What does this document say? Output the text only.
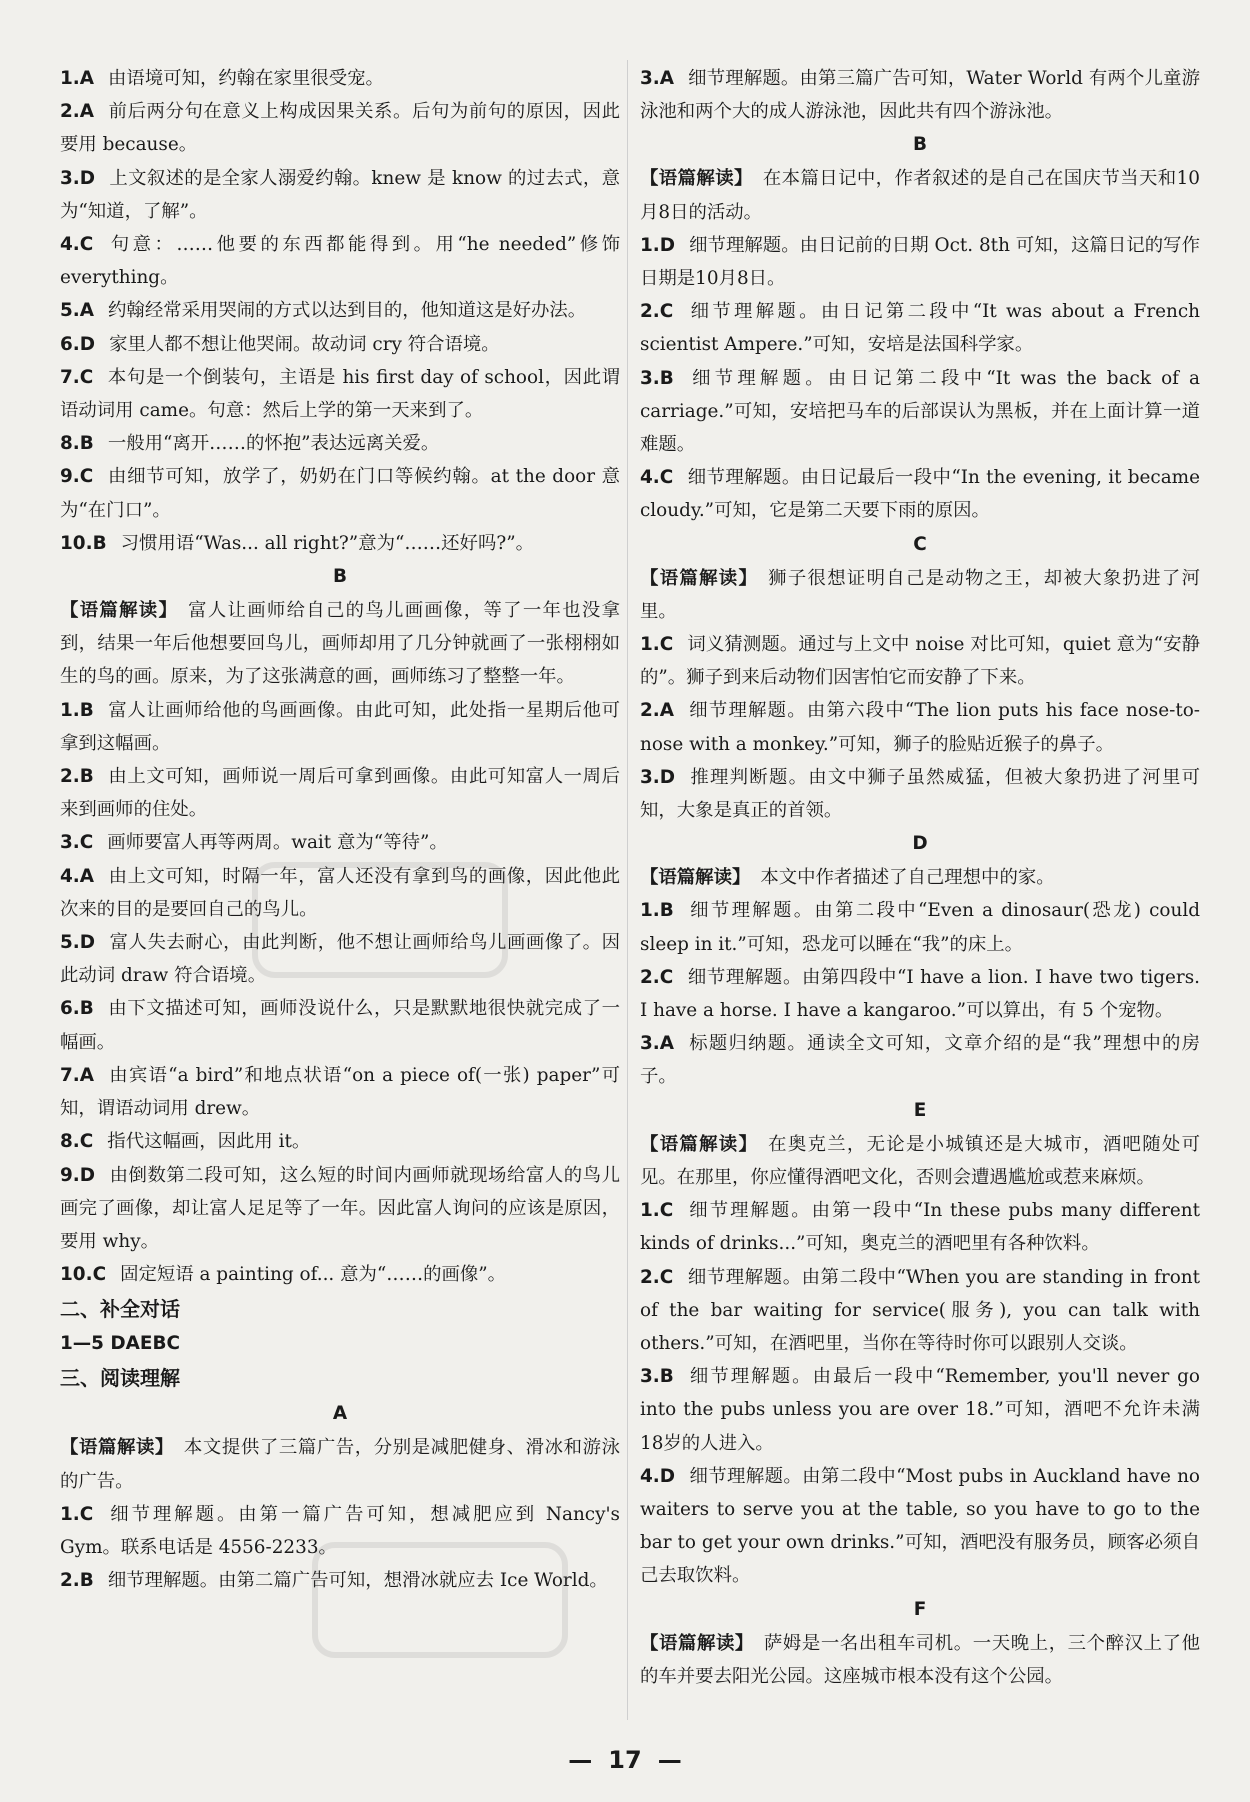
1.A 由语境可知，约翰在家里很受宠。
2.A 前后两分句在意义上构成因果关系。后句为前句的原因，因此要用 because。
3.D 上文叙述的是全家人溺爱约翰。knew 是 know 的过去式，意为“知道，了解”。
4.C 句意：……他要的东西都能得到。用“he needed”修饰 everything。
5.A 约翰经常采用哭闹的方式以达到目的，他知道这是好办法。
6.D 家里人都不想让他哭闹。故动词 cry 符合语境。
7.C 本句是一个倒装句，主语是 his first day of school，因此谓语动词用 came。句意：然后上学的第一天来到了。
8.B 一般用“离开……的怀抱”表达远离关爱。
9.C 由细节可知，放学了，奶奶在门口等候约翰。at the door 意为“在门口”。
10.B 习惯用语“Was... all right?”意为“……还好吗?”。
B
【语篇解读】 富人让画师给自己的鸟儿画画像，等了一年也没拿到，结果一年后他想要回鸟儿，画师却用了几分钟就画了一张栩栩如生的鸟的画。原来，为了这张满意的画，画师练习了整整一年。
1.B 富人让画师给他的鸟画画像。由此可知，此处指一星期后他可拿到这幅画。
2.B 由上文可知，画师说一周后可拿到画像。由此可知富人一周后来到画师的住处。
3.C 画师要富人再等两周。wait 意为“等待”。
4.A 由上文可知，时隔一年，富人还没有拿到鸟的画像，因此他此次来的目的是要回自己的鸟儿。
5.D 富人失去耐心，由此判断，他不想让画师给鸟儿画画像了。因此动词 draw 符合语境。
6.B 由下文描述可知，画师没说什么，只是默默地很快就完成了一幅画。
7.A 由宾语“a bird”和地点状语“on a piece of(一张) paper”可知，谓语动词用 drew。
8.C 指代这幅画，因此用 it。
9.D 由倒数第二段可知，这么短的时间内画师就现场给富人的鸟儿画完了画像，却让富人足足等了一年。因此富人询问的应该是原因，要用 why。
10.C 固定短语 a painting of... 意为“……的画像”。
二、补全对话
1—5 DAEBC
三、阅读理解
A
【语篇解读】 本文提供了三篇广告，分别是减肥健身、滑冰和游泳的广告。
1.C 细节理解题。由第一篇广告可知，想减肥应到 Nancy's Gym。联系电话是 4556-2233。
2.B 细节理解题。由第二篇广告可知，想滑冰就应去 Ice World。
3.A 细节理解题。由第三篇广告可知，Water World 有两个儿童游泳池和两个大的成人游泳池，因此共有四个游泳池。
B
【语篇解读】 在本篇日记中，作者叙述的是自己在国庆节当天和10月8日的活动。
1.D 细节理解题。由日记前的日期 Oct. 8th 可知，这篇日记的写作日期是10月8日。
2.C 细节理解题。由日记第二段中“It was about a French scientist Ampere.”可知，安培是法国科学家。
3.B 细节理解题。由日记第二段中“It was the back of a carriage.”可知，安培把马车的后部误认为黑板，并在上面计算一道难题。
4.C 细节理解题。由日记最后一段中“In the evening, it became cloudy.”可知，它是第二天要下雨的原因。
C
【语篇解读】 狮子很想证明自己是动物之王，却被大象扔进了河里。
1.C 词义猜测题。通过与上文中 noise 对比可知，quiet 意为“安静的”。狮子到来后动物们因害怕它而安静了下来。
2.A 细节理解题。由第六段中“The lion puts his face nose-to-nose with a monkey.”可知，狮子的脸贴近猴子的鼻子。
3.D 推理判断题。由文中狮子虽然威猛，但被大象扔进了河里可知，大象是真正的首领。
D
【语篇解读】 本文中作者描述了自己理想中的家。
1.B 细节理解题。由第二段中“Even a dinosaur(恐龙) could sleep in it.”可知，恐龙可以睡在“我”的床上。
2.C 细节理解题。由第四段中“I have a lion. I have two tigers. I have a horse. I have a kangaroo.”可以算出，有 5 个宠物。
3.A 标题归纳题。通读全文可知，文章介绍的是“我”理想中的房子。
E
【语篇解读】 在奥克兰，无论是小城镇还是大城市，酒吧随处可见。在那里，你应懂得酒吧文化，否则会遭遇尴尬或惹来麻烦。
1.C 细节理解题。由第一段中“In these pubs many different kinds of drinks...”可知，奥克兰的酒吧里有各种饮料。
2.C 细节理解题。由第二段中“When you are standing in front of the bar waiting for service(服务), you can talk with others.”可知，在酒吧里，当你在等待时你可以跟别人交谈。
3.B 细节理解题。由最后一段中“Remember, you'll never go into the pubs unless you are over 18.”可知，酒吧不允许未满18岁的人进入。
4.D 细节理解题。由第二段中“Most pubs in Auckland have no waiters to serve you at the table, so you have to go to the bar to get your own drinks.”可知，酒吧没有服务员，顾客必须自己去取饮料。
F
【语篇解读】 萨姆是一名出租车司机。一天晚上，三个醉汉上了他的车并要去阳光公园。这座城市根本没有这个公园。
— 17 —
